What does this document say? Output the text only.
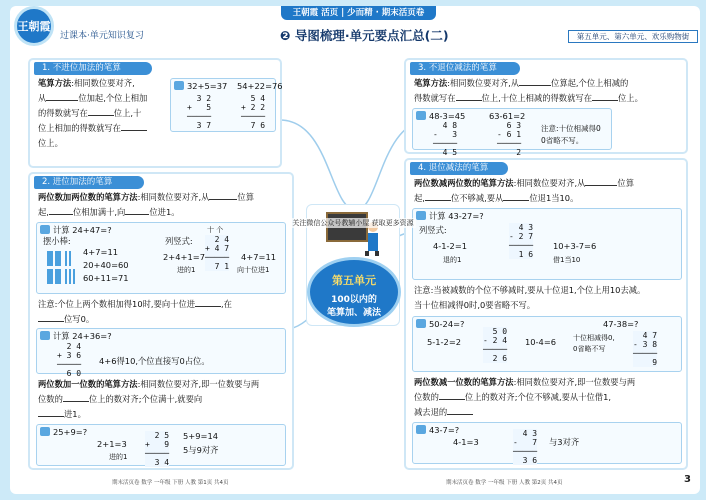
王朝霞
过课本·单元知识复习
王朝霞 活页 | 少而精 · 期末活页卷
❷ 导图梳理·单元要点汇总(二)	第五单元、第六单元、欢乐购物街
1. 不进位加法的笔算
笔算方法:相同数位要对齐,
从	位加起,个位上相加
的得数就写在	位上,十
位上相加的得数就写在
位上。
32+5=37 54+22=76
3 2
+   5
─────
3 7
5 4
+ 2 2
─────
7 6
2. 进位加法的笔算
两位数加两位数的笔算方法:相同数位要对齐,从	位算
起,	位相加满十,向	位进1。
计算 24+47=?
摆小棒:
4+7=11
20+40=60
60+11=71
列竖式:
十 个
2+4+1=7
进的1
2 4
+ 4 7
─────
7 1
4+7=11
向十位进1
注意:个位上两个数相加得10时,要向十位进	,在
位写0。
计算 24+36=?
2 4
+ 3 6
─────
6 0
4+6得10,个位直接写0占位。
两位数加一位数的笔算方法:相同数位要对齐,即一位数要与两
位数的	位上的数对齐;个位满十,就要向
进1。
25+9=?
2+1=3
进的1
2 5
+   9
─────
3 4
5+9=14
5与9对齐
3. 不退位减法的笔算
笔算方法:相同数位要对齐,从	位算起,个位上相减的
得数就写在	位上,十位上相减的得数就写在	位上。
48-3=45	63-61=2
4 8
-   3
─────
4 5
6 3
- 6 1
─────
2
注意:十位相减得0
0省略不写。
4. 退位减法的笔算
两位数减两位数的笔算方法:相同数位要对齐,从	位算
起,	位不够减,要从	位退1当10。
计算 43-27=?
列竖式:
4-1-2=1
退的1
4 3
- 2 7
─────
1 6
10+3-7=6
借1当10
注意:当被减数的个位不够减时,要从十位退1,个位上用10去减。
当十位相减得0时,0要省略不写。
50-24=?
5-1-2=2
5 0
- 2 4
─────
2 6
10-4=6
47-38=?
十位相减得0,
0省略不写
4 7
- 3 8
─────
9
两位数减一位数的笔算方法:相同数位要对齐,即一位数要与两
位数的	位上的数对齐;个位不够减,要从十位借1,
减去退的
43-7=?
4-1=3
4 3
-   7
─────
3 6
与3对齐
第五单元
100以内的
笔算加、减法
关注微信公众号教辅小屋 获取更多资源
期末活页卷 数学 一年级 下册 人教 第1页 共4页	期末活页卷 数学 一年级 下册 人教 第2页 共4页	3
